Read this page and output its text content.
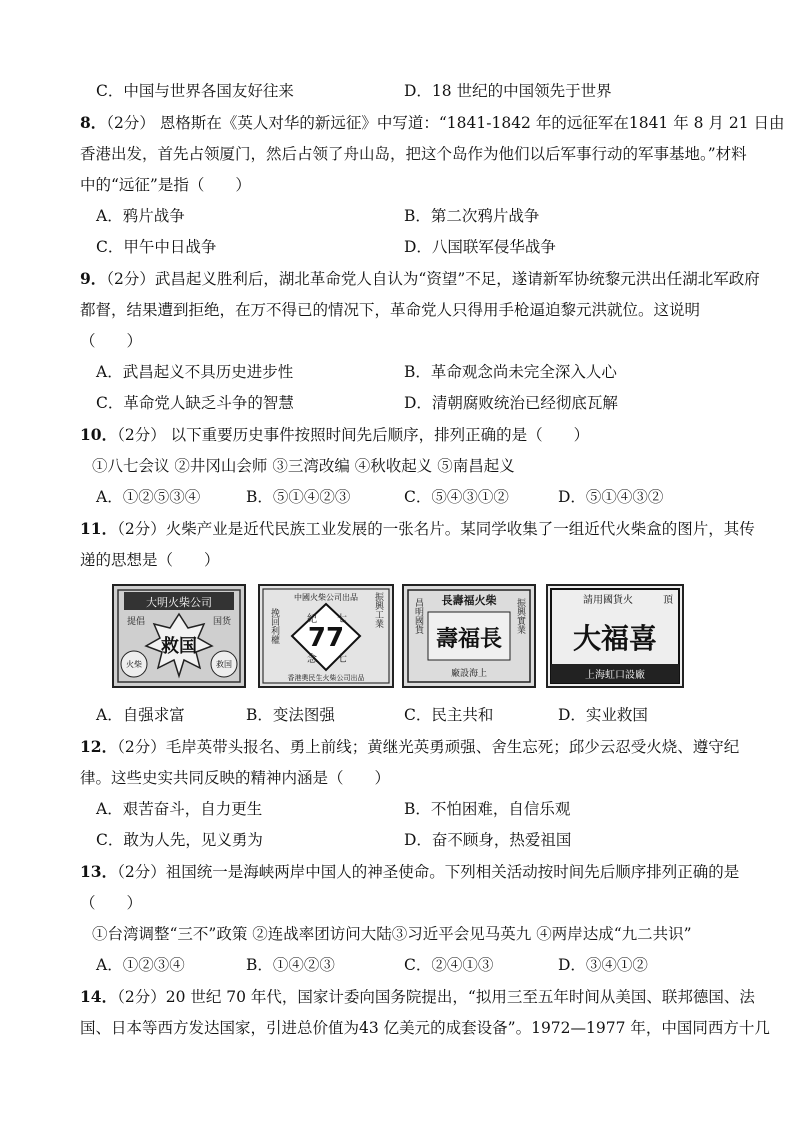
C．中国与世界各国友好往来	D．18 世纪的中国领先于世界
8．（2分） 恩格斯在《英人对华的新远征》中写道：“1841-1842 年的远征军在1841 年 8 月 21 日由
香港出发，首先占领厦门，然后占领了舟山岛，把这个岛作为他们以后军事行动的军事基地。”材料
中的“远征”是指（　　）
A．鸦片战争	B．第二次鸦片战争
C．甲午中日战争	D．八国联军侵华战争
9．（2分）武昌起义胜利后，湖北革命党人自认为“资望”不足，遂请新军协统黎元洪出任湖北军政府
都督，结果遭到拒绝，在万不得已的情况下，革命党人只得用手枪逼迫黎元洪就位。这说明
（　　）
A．武昌起义不具历史进步性	B．革命观念尚未完全深入人心
C．革命党人缺乏斗争的智慧	D．清朝腐败统治已经彻底瓦解
10．（2分） 以下重要历史事件按照时间先后顺序，排列正确的是（　　）
①八七会议 ②井冈山会师 ③三湾改编 ④秋收起义 ⑤南昌起义
A．①②⑤③④	B．⑤①④②③	C．⑤④③①②	D．⑤①④③②
11．（2分）火柴产业是近代民族工业发展的一张名片。某同学收集了一组近代火柴盒的图片，其传
递的思想是（　　）
大明火柴公司
救国
提倡	国货
火柴	救国
中國火柴公司出品
77
紀
念
七
七
挽回利權	振興工業
香港奧民生火柴公司出品
長壽福火柴
壽福長
昌明國貨	振興實業
廠設海上
請用國貨火	頂
大福喜
上海虹口設廠
A．自强求富	B．变法图强	C．民主共和	D．实业救国
12．（2分）毛岸英带头报名、勇上前线；黄继光英勇顽强、舍生忘死；邱少云忍受火烧、遵守纪
律。这些史实共同反映的精神内涵是（　　）
A．艰苦奋斗，自力更生	B．不怕困难，自信乐观
C．敢为人先，见义勇为	D．奋不顾身，热爱祖国
13．（2分）祖国统一是海峡两岸中国人的神圣使命。下列相关活动按时间先后顺序排列正确的是
（　　）
①台湾调整“三不”政策 ②连战率团访问大陆③习近平会见马英九 ④两岸达成“九二共识”
A．①②③④	B．①④②③	C．②④①③	D．③④①②
14．（2分）20 世纪 70 年代，国家计委向国务院提出，“拟用三至五年时间从美国、联邦德国、法
国、日本等西方发达国家，引进总价值为43 亿美元的成套设备”。1972—1977 年，中国同西方十几
